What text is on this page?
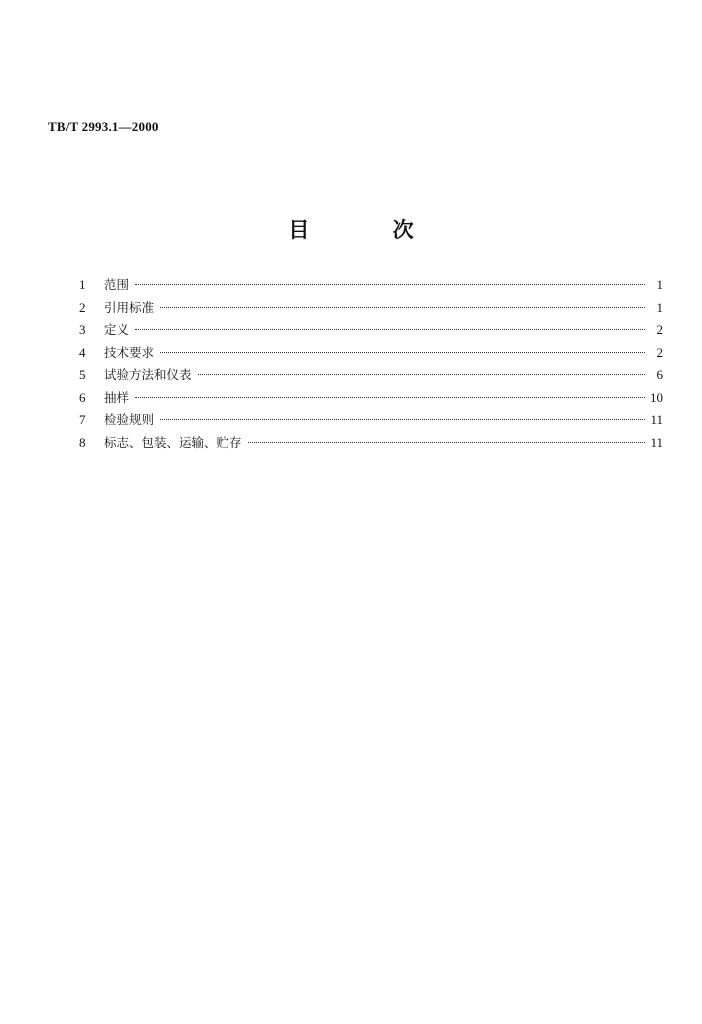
TB/T 2993.1—2000
目 次
1	范围	1
2	引用标准	1
3	定义	2
4	技术要求	2
5	试验方法和仪表	6
6	抽样	10
7	检验规则	11
8	标志、包装、运输、贮存	11
